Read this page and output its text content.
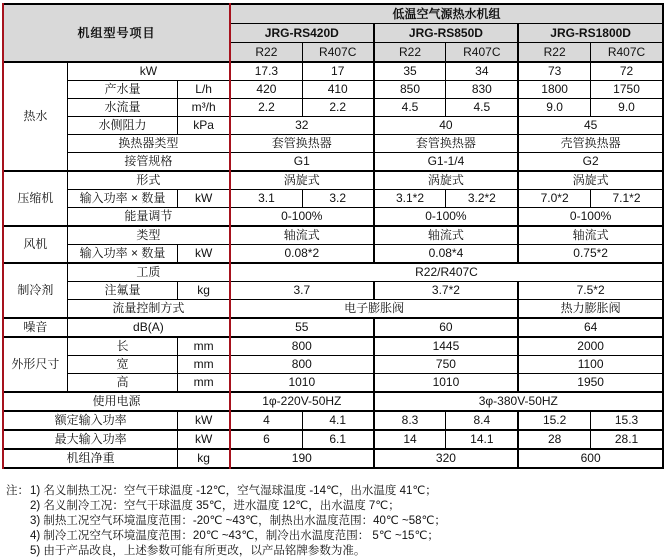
机组型号项目			低温空气源热水机组					
			JRG-RS420D		JRG-RS850D		JRG-RS1800D	
			R22	R407C	R22	R407C	R22	R407C
热水	kW		17.3	17	35	34	73	72
	产水量	L/h	420	410	850	830	1800	1750
	水流量	m³/h	2.2	2.2	4.5	4.5	9.0	9.0
	水侧阻力	kPa	32		40		45	
	换热器类型		套管换热器		套管换热器		壳管换热器	
	接管规格		G1		G1-1/4		G2	
压缩机	形式		涡旋式		涡旋式		涡旋式	
	输入功率 × 数量	kW	3.1	3.2	3.1*2	3.2*2	7.0*2	7.1*2
	能量调节		0-100%		0-100%		0-100%	
风机	类型		轴流式		轴流式		轴流式	
	输入功率 × 数量	kW	0.08*2		0.08*4		0.75*2	
制冷剂	工质		R22/R407C					
	注氟量	kg	3.7		3.7*2		7.5*2	
	流量控制方式		电子膨胀阀				热力膨胀阀	
噪音	dB(A)		55		60		64	
外形尺寸	长	mm	800		1445		2000	
	宽	mm	800		750		1100	
	高	mm	1010		1010		1950	
使用电源			1φ-220V-50HZ		3φ-380V-50HZ			
额定输入功率		kW	4	4.1	8.3	8.4	15.2	15.3
最大输入功率		kW	6	6.1	14	14.1	28	28.1
机组净重		kg	190		320		600	
注： 1) 名义制热工况：空气干球温度 -12℃，空气湿球温度 -14℃，出水温度 41℃；
2) 名义制冷工况：空气干球温度 35℃，进水温度 12℃，出水温度 7℃；
3) 制热工况空气环境温度范围：-20℃ ~43℃，制热出水温度范围：40℃ ~58℃；
4) 制冷工况空气环境温度范围：20℃ ~43℃，制冷出水温度范围： 5℃ ~15℃；
5) 由于产品改良，上述参数可能有所更改，以产品铭牌参数为准。
